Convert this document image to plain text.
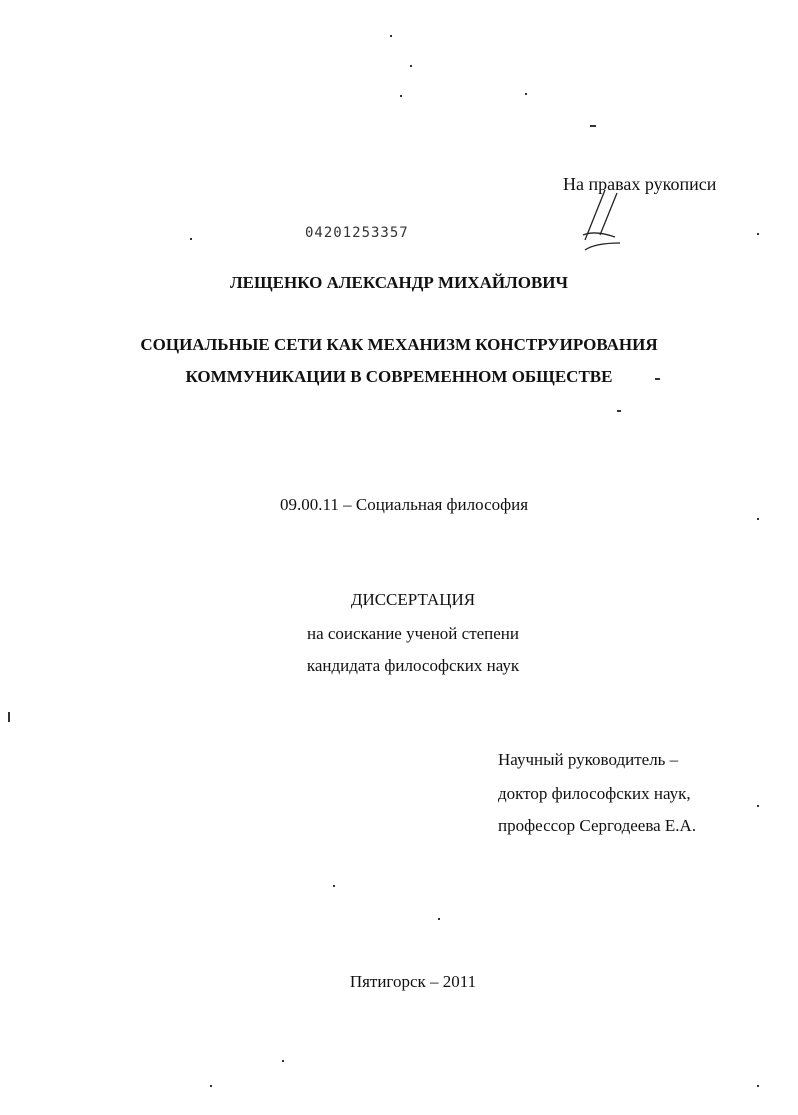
На правах рукописи
04201253357
ЛЕЩЕНКО АЛЕКСАНДР МИХАЙЛОВИЧ
СОЦИАЛЬНЫЕ СЕТИ КАК МЕХАНИЗМ КОНСТРУИРОВАНИЯ
КОММУНИКАЦИИ В СОВРЕМЕННОМ ОБЩЕСТВЕ
09.00.11 – Социальная философия
ДИССЕРТАЦИЯ
на соискание ученой степени
кандидата философских наук
Научный руководитель –
доктор философских наук,
профессор Сергодеева Е.А.
Пятигорск – 2011
